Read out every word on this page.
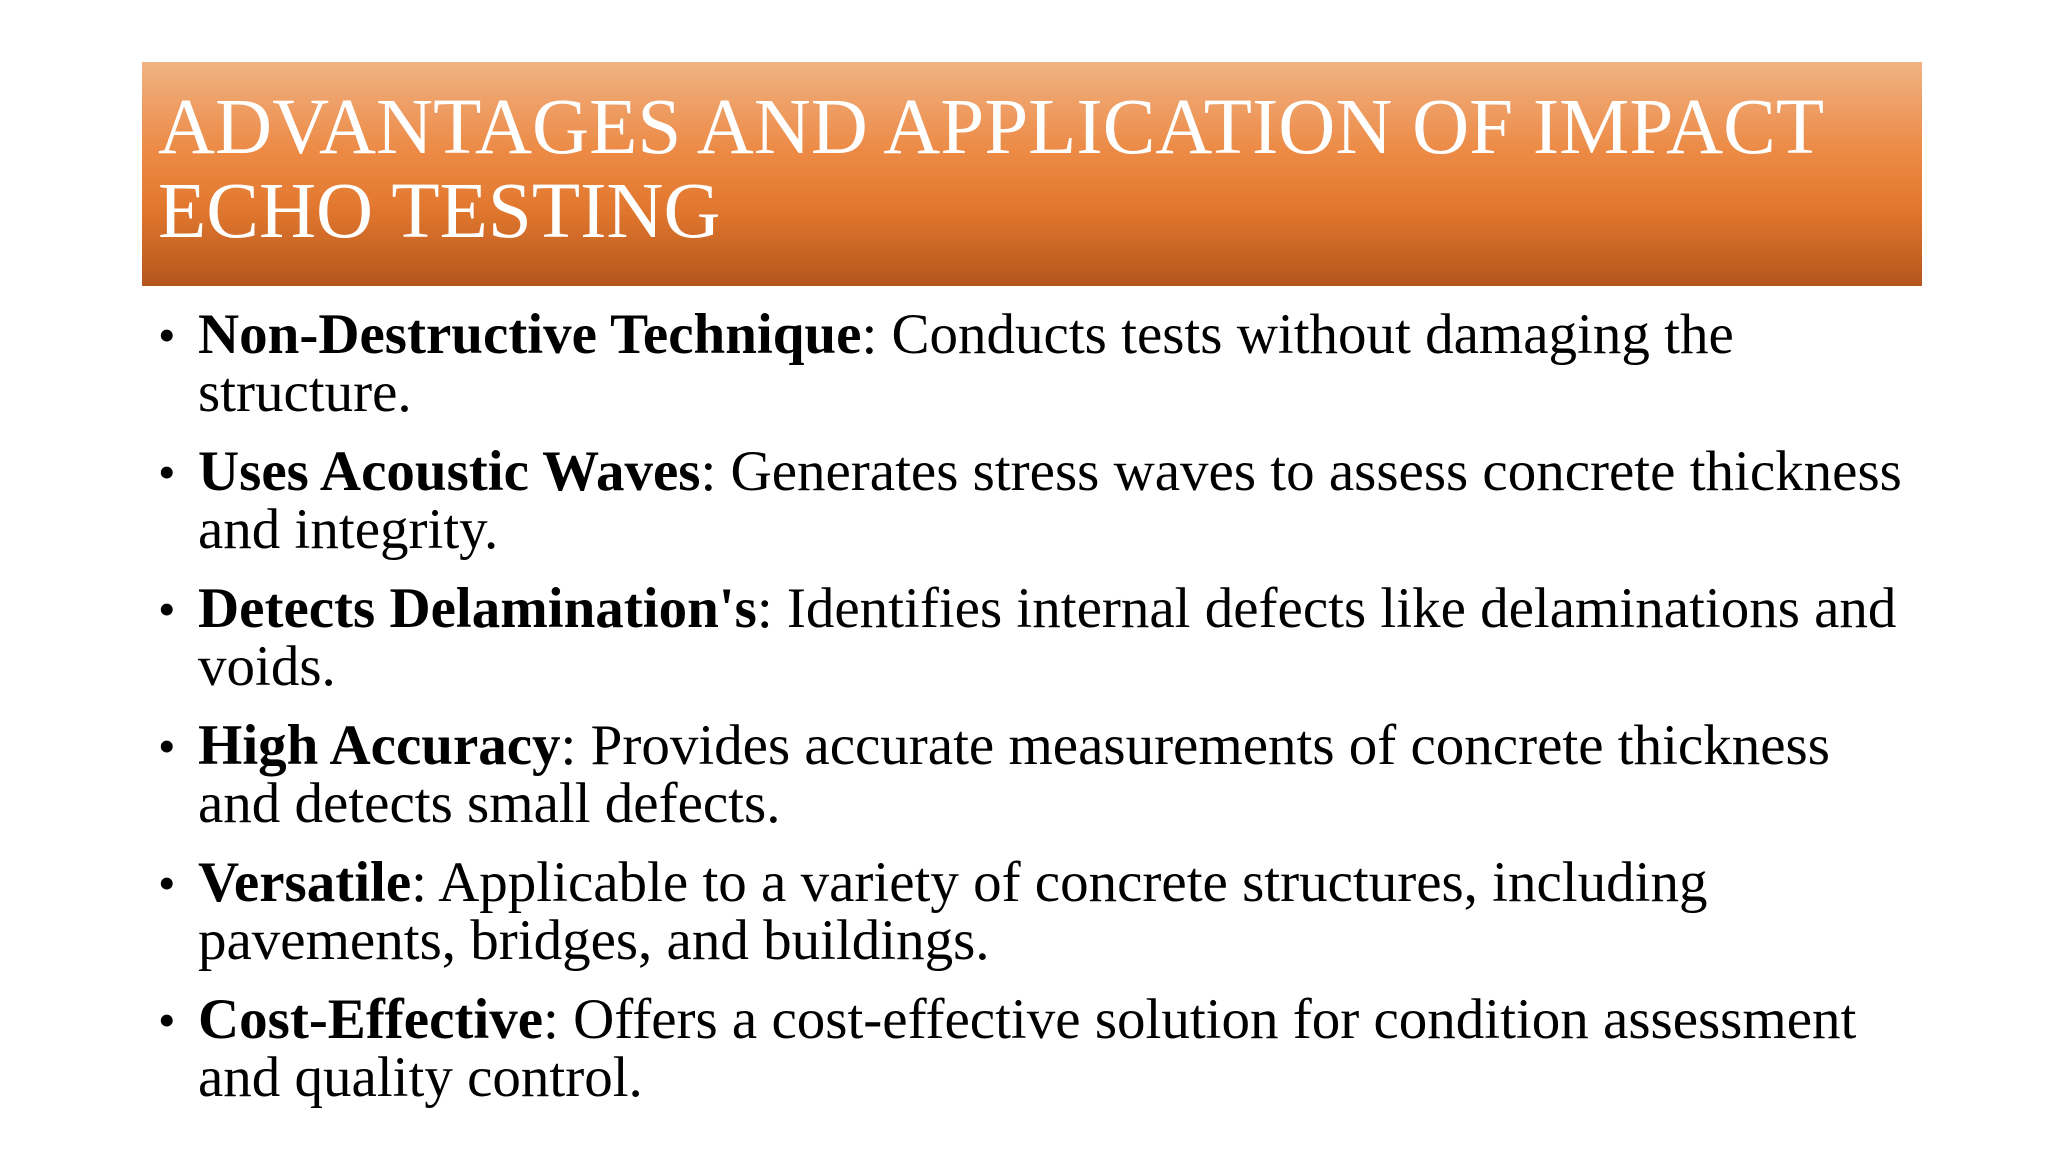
ADVANTAGES AND APPLICATION OF IMPACT ECHO TESTING
• Non-Destructive Technique: Conducts tests without damaging the structure.
• Uses Acoustic Waves: Generates stress waves to assess concrete thickness and integrity.
• Detects Delamination's: Identifies internal defects like delaminations and voids.
• High Accuracy: Provides accurate measurements of concrete thickness and detects small defects.
• Versatile: Applicable to a variety of concrete structures, including pavements, bridges, and buildings.
• Cost-Effective: Offers a cost-effective solution for condition assessment and quality control.
